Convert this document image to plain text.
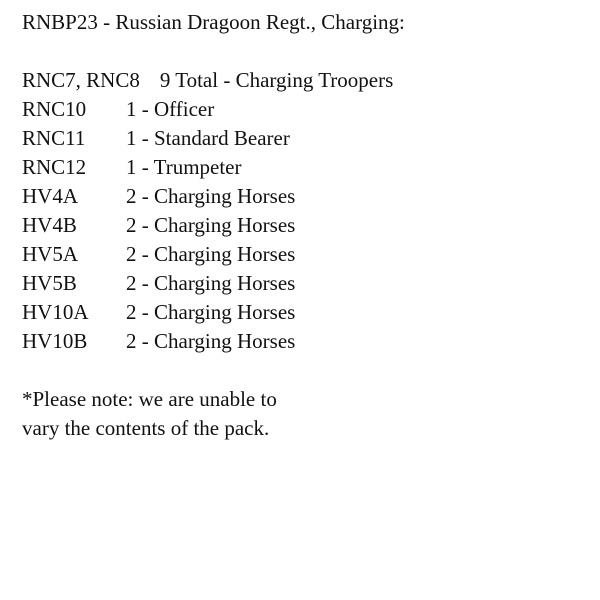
RNBP23 - Russian Dragoon Regt., Charging:
RNC7, RNC8 9 Total - Charging Troopers
RNC10	1 - Officer
RNC11	1 - Standard Bearer
RNC12	1 - Trumpeter
HV4A	2 - Charging Horses
HV4B	2 - Charging Horses
HV5A	2 - Charging Horses
HV5B	2 - Charging Horses
HV10A	2 - Charging Horses
HV10B	2 - Charging Horses
*Please note: we are unable to
vary the contents of the pack.
